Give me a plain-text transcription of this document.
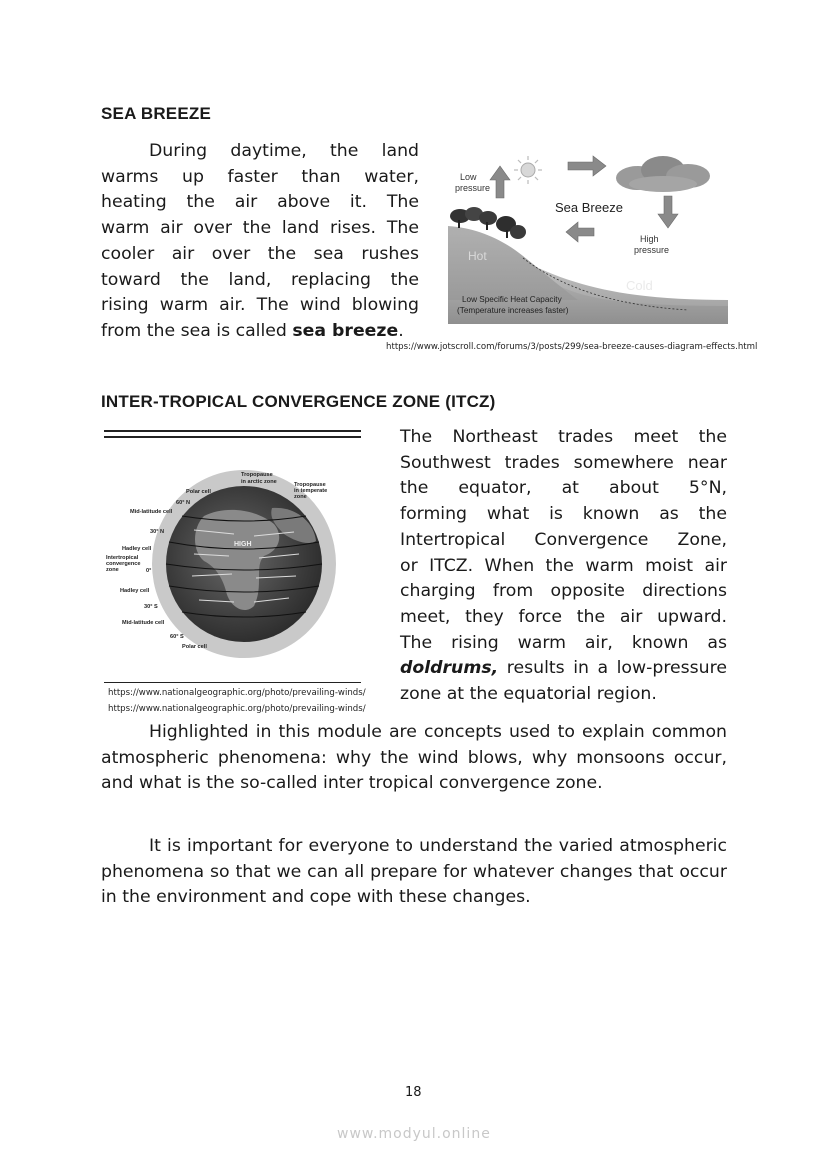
SEA BREEZE
During daytime, the land
warms up faster than water,
heating the air above it. The
warm air over the land rises. The
cooler air over the sea rushes
toward the land, replacing the
rising warm air. The wind blowing
from the sea is called sea breeze.
Low
pressure
Sea Breeze
High
pressure
Hot
Cold
Low Specific Heat Capacity
(Temperature increases faster)
https://www.jotscroll.com/forums/3/posts/299/sea-breeze-causes-diagram-effects.html
INTER-TROPICAL CONVERGENCE ZONE (ITCZ)
HIGH
Tropopause
in arctic zone	Tropopause
in temperate
zone
Polar cell
60° N
Mid-latitude cell
30° N
Hadley cell
Intertropical
convergence
zone	0°
Hadley cell
30° S
Mid-latitude cell
60° S
Polar cell
https://www.nationalgeographic.org/photo/prevailing-winds/
https://www.nationalgeographic.org/photo/prevailing-winds/
The Northeast trades meet the
Southwest trades somewhere near
the equator, at about 5°N,
forming what is known as the
Intertropical Convergence Zone,
or ITCZ. When the warm moist air
charging from opposite directions
meet, they force the air upward.
The rising warm air, known as
doldrums, results in a low-pressure
zone at the equatorial region.
Highlighted in this module are concepts used to explain common atmospheric phenomena: why the wind blows, why monsoons occur, and what is the so-called inter tropical convergence zone.
It is important for everyone to understand the varied atmospheric phenomena so that we can all prepare for whatever changes that occur in the environment and cope with these changes.
18
www.modyul.online
